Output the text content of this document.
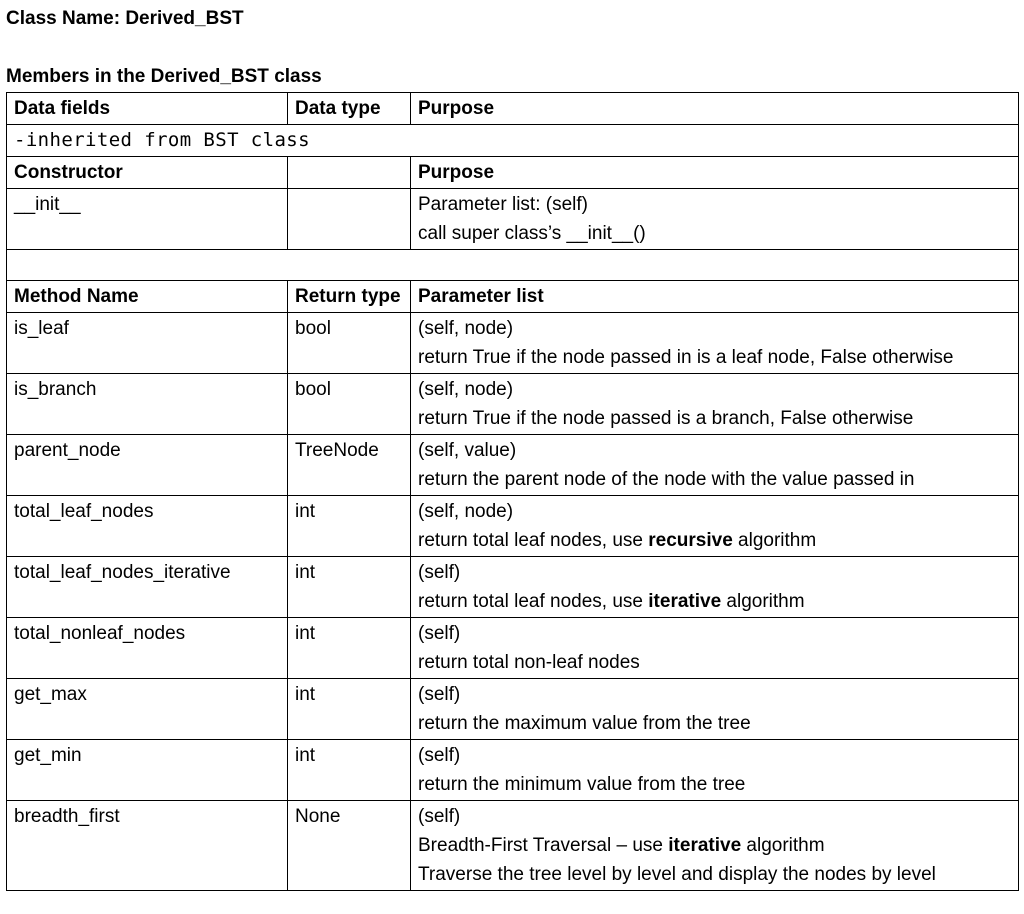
Class Name: Derived_BST
Members in the Derived_BST class
Data fields	Data type	Purpose
-inherited from BST class		
Constructor		Purpose
__init__		Parameter list: (self)
call super class’s __init__()

Method Name	Return type	Parameter list
is_leaf	bool	(self, node)
return True if the node passed in is a leaf node, False otherwise

is_branch	bool	(self, node)
return True if the node passed is a branch, False otherwise

parent_node	TreeNode	(self, value)
return the parent node of the node with the value passed in

total_leaf_nodes	int	(self, node)
return total leaf nodes, use recursive algorithm

total_leaf_nodes_iterative	int	(self)
return total leaf nodes, use iterative algorithm

total_nonleaf_nodes	int	(self)
return total non-leaf nodes

get_max	int	(self)
return the maximum value from the tree

get_min	int	(self)
return the minimum value from the tree

breadth_first	None	(self)
Breadth-First Traversal – use iterative algorithm
Traverse the tree level by level and display the nodes by level
